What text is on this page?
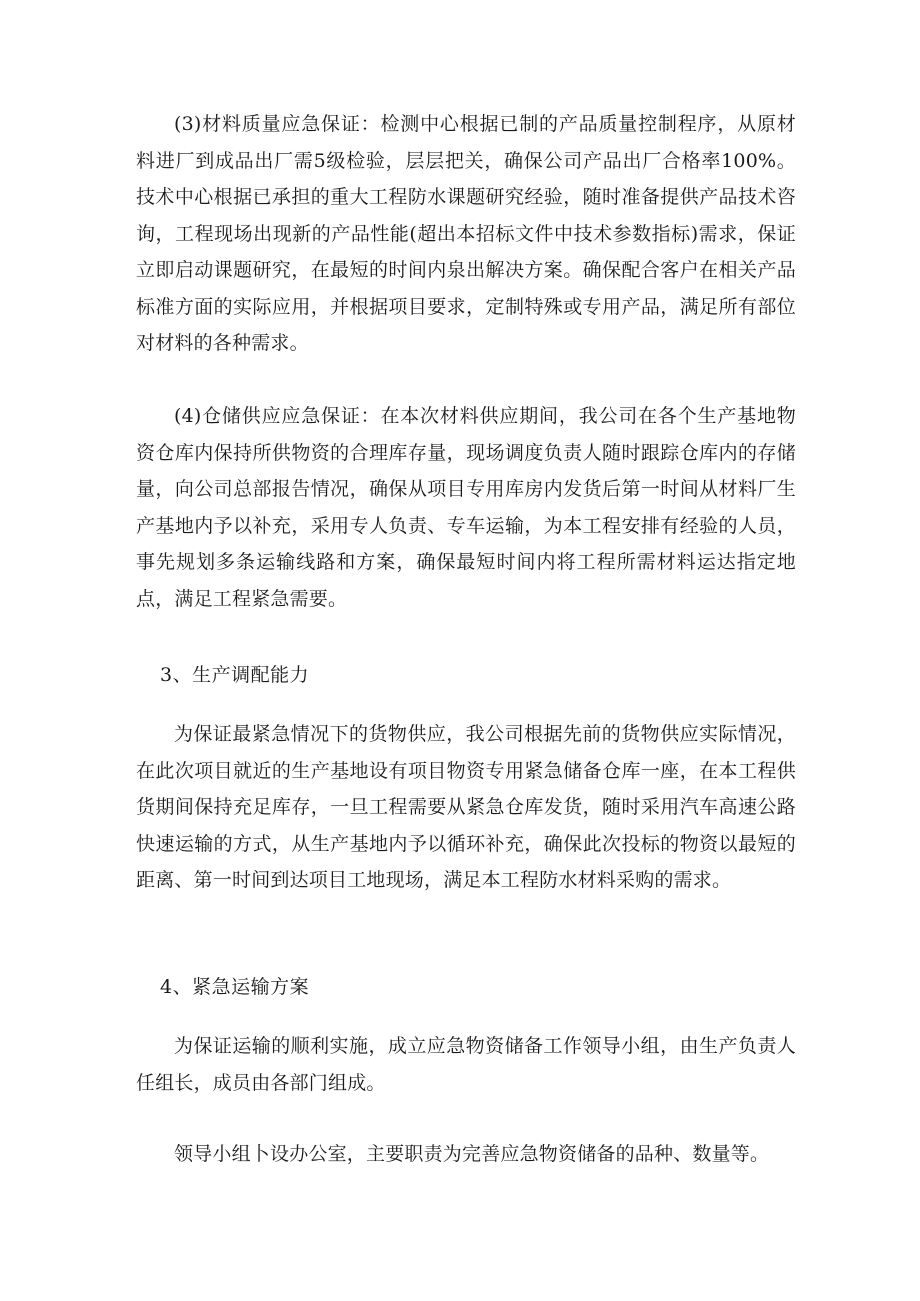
(3)材料质量应急保证：检测中心根据已制的产品质量控制程序，从原材料进厂到成品出厂需5级检验，层层把关，确保公司产品出厂合格率100%。技术中心根据已承担的重大工程防水课题研究经验，随时准备提供产品技术咨询，工程现场出现新的产品性能(超出本招标文件中技术参数指标)需求，保证立即启动课题研究，在最短的时间内泉出解决方案。确保配合客户在相关产品标准方面的实际应用，并根据项目要求，定制特殊或专用产品，满足所有部位对材料的各种需求。

(4)仓储供应应急保证：在本次材料供应期间，我公司在各个生产基地物资仓库内保持所供物资的合理库存量，现场调度负责人随时跟踪仓库内的存储量，向公司总部报告情况，确保从项目专用库房内发货后第一时间从材料厂生产基地内予以补充，采用专人负责、专车运输，为本工程安排有经验的人员，事先规划多条运输线路和方案，确保最短时间内将工程所需材料运达指定地点，满足工程紧急需要。

3、生产调配能力

为保证最紧急情况下的货物供应，我公司根据先前的货物供应实际情况，在此次项目就近的生产基地设有项目物资专用紧急储备仓库一座，在本工程供货期间保持充足库存，一旦工程需要从紧急仓库发货，随时采用汽车高速公路快速运输的方式，从生产基地内予以循环补充，确保此次投标的物资以最短的距离、第一时间到达项目工地现场，满足本工程防水材料采购的需求。

4、紧急运输方案

为保证运输的顺利实施，成立应急物资储备工作领导小组，由生产负责人任组长，成员由各部门组成。

领导小组卜设办公室，主要职责为完善应急物资储备的品种、数量等。
